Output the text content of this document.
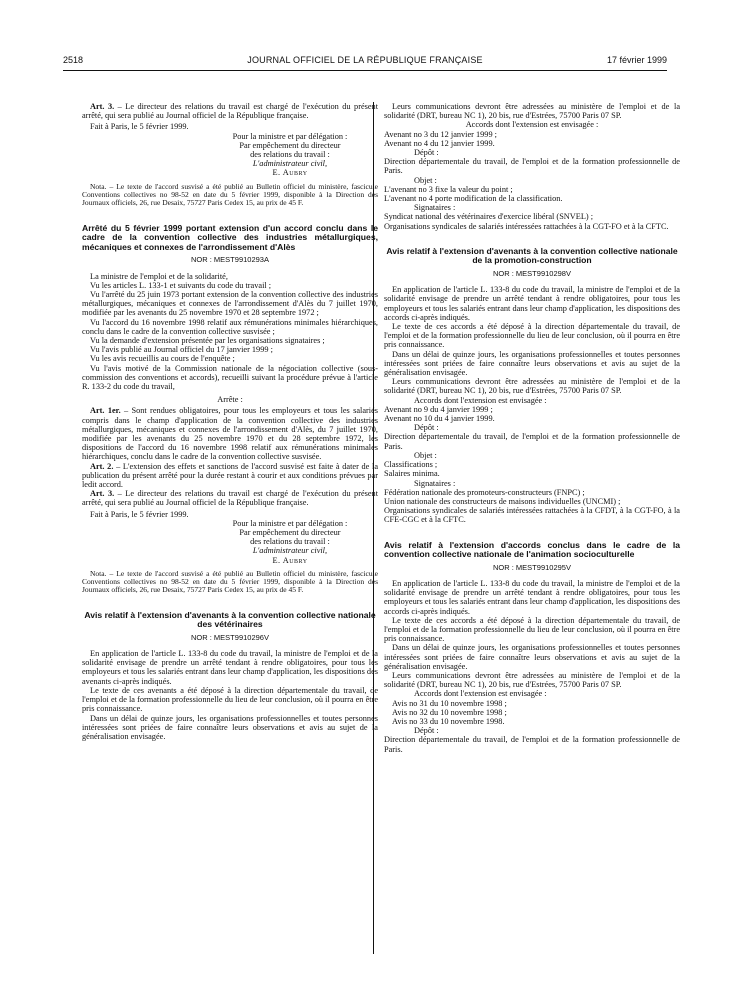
2518	JOURNAL OFFICIEL DE LA RÉPUBLIQUE FRANÇAISE	17 février 1999

Art. 3. – Le directeur des relations du travail est chargé de l'exécution du présent arrêté, qui sera publié au Journal officiel de la République française.

Fait à Paris, le 5 février 1999.

Pour la ministre et par délégation :

Par empêchement du directeur

des relations du travail :

L'administrateur civil,

E. Aubry

Nota. – Le texte de l'accord susvisé a été publié au Bulletin officiel du ministère, fascicule Conventions collectives no 98-52 en date du 5 février 1999, disponible à la Direction des Journaux officiels, 26, rue Desaix, 75727 Paris Cedex 15, au prix de 45 F.

Arrêté du 5 février 1999 portant extension d'un accord conclu dans le cadre de la convention collective des industries métallurgiques, mécaniques et connexes de l'arrondissement d'Alès

NOR : MESТ9910293A

La ministre de l'emploi et de la solidarité,

Vu les articles L. 133-1 et suivants du code du travail ;

Vu l'arrêté du 25 juin 1973 portant extension de la convention collective des industries métallurgiques, mécaniques et connexes de l'arrondissement d'Alès du 7 juillet 1970, modifiée par les avenants du 25 novembre 1970 et 28 septembre 1972 ;

Vu l'accord du 16 novembre 1998 relatif aux rémunérations minimales hiérarchiques, conclu dans le cadre de la convention collective susvisée ;

Vu la demande d'extension présentée par les organisations signataires ;

Vu l'avis publié au Journal officiel du 17 janvier 1999 ;

Vu les avis recueillis au cours de l'enquête ;

Vu l'avis motivé de la Commission nationale de la négociation collective (sous-commission des conventions et accords), recueilli suivant la procédure prévue à l'article R. 133-2 du code du travail,

Arrête :

Art. 1er. – Sont rendues obligatoires, pour tous les employeurs et tous les salariés compris dans le champ d'application de la convention collective des industries métallurgiques, mécaniques et connexes de l'arrondissement d'Alès, du 7 juillet 1970, modifiée par les avenants du 25 novembre 1970 et du 28 septembre 1972, les dispositions de l'accord du 16 novembre 1998 relatif aux rémunérations minimales hiérarchiques, conclu dans le cadre de la convention collective susvisée.

Art. 2. – L'extension des effets et sanctions de l'accord susvisé est faite à dater de la publication du présent arrêté pour la durée restant à courir et aux conditions prévues par ledit accord.

Art. 3. – Le directeur des relations du travail est chargé de l'exécution du présent arrêté, qui sera publié au Journal officiel de la République française.

Fait à Paris, le 5 février 1999.

Pour la ministre et par délégation :

Par empêchement du directeur

des relations du travail :

L'administrateur civil,

E. Aubry

Nota. – Le texte de l'accord susvisé a été publié au Bulletin officiel du ministère, fascicule Conventions collectives no 98-52 en date du 5 février 1999, disponible à la Direction des Journaux officiels, 26, rue Desaix, 75727 Paris Cedex 15, au prix de 45 F.

Avis relatif à l'extension d'avenants à la convention collective nationale des vétérinaires

NOR : MESТ9910296V

En application de l'article L. 133-8 du code du travail, la ministre de l'emploi et de la solidarité envisage de prendre un arrêté tendant à rendre obligatoires, pour tous les employeurs et tous les salariés entrant dans leur champ d'application, les dispositions des avenants ci-après indiqués.

Le texte de ces avenants a été déposé à la direction départementale du travail, de l'emploi et de la formation professionnelle du lieu de leur conclusion, où il pourra en être pris connaissance.

Dans un délai de quinze jours, les organisations professionnelles et toutes personnes intéressées sont priées de faire connaître leurs observations et avis au sujet de la généralisation envisagée.

Leurs communications devront être adressées au ministère de l'emploi et de la solidarité (DRT, bureau NC 1), 20 bis, rue d'Estrées, 75700 Paris 07 SP.

Accords dont l'extension est envisagée :

Avenant no 3 du 12 janvier 1999 ;

Avenant no 4 du 12 janvier 1999.

Dépôt :

Direction départementale du travail, de l'emploi et de la formation professionnelle de Paris.

Objet :

L'avenant no 3 fixe la valeur du point ;

L'avenant no 4 porte modification de la classification.

Signataires :

Syndicat national des vétérinaires d'exercice libéral (SNVEL) ;

Organisations syndicales de salariés intéressées rattachées à la CGT-FO et à la CFTC.

Avis relatif à l'extension d'avenants à la convention collective nationale de la promotion-construction

NOR : MESТ9910298V

En application de l'article L. 133-8 du code du travail, la ministre de l'emploi et de la solidarité envisage de prendre un arrêté tendant à rendre obligatoires, pour tous les employeurs et tous les salariés entrant dans leur champ d'application, les dispositions des accords ci-après indiqués.

Le texte de ces accords a été déposé à la direction départementale du travail, de l'emploi et de la formation professionnelle du lieu de leur conclusion, où il pourra en être pris connaissance.

Dans un délai de quinze jours, les organisations professionnelles et toutes personnes intéressées sont priées de faire connaître leurs observations et avis au sujet de la généralisation envisagée.

Leurs communications devront être adressées au ministère de l'emploi et de la solidarité (DRT, bureau NC 1), 20 bis, rue d'Estrées, 75700 Paris 07 SP.

Accords dont l'extension est envisagée :

Avenant no 9 du 4 janvier 1999 ;

Avenant no 10 du 4 janvier 1999.

Dépôt :

Direction départementale du travail, de l'emploi et de la formation professionnelle de Paris.

Objet :

Classifications ;

Salaires minima.

Signataires :

Fédération nationale des promoteurs-constructeurs (FNPC) ;

Union nationale des constructeurs de maisons individuelles (UNCMI) ;

Organisations syndicales de salariés intéressées rattachées à la CFDT, à la CGT-FO, à la CFE-CGC et à la CFTC.

Avis relatif à l'extension d'accords conclus dans le cadre de la convention collective nationale de l'animation socioculturelle

NOR : MESТ9910295V

En application de l'article L. 133-8 du code du travail, la ministre de l'emploi et de la solidarité envisage de prendre un arrêté tendant à rendre obligatoires, pour tous les employeurs et tous les salariés entrant dans leur champ d'application, les dispositions des accords ci-après indiqués.

Le texte de ces accords a été déposé à la direction départementale du travail, de l'emploi et de la formation professionnelle du lieu de leur conclusion, où il pourra en être pris connaissance.

Dans un délai de quinze jours, les organisations professionnelles et toutes personnes intéressées sont priées de faire connaître leurs observations et avis au sujet de la généralisation envisagée.

Leurs communications devront être adressées au ministère de l'emploi et de la solidarité (DRT, bureau NC 1), 20 bis, rue d'Estrées, 75700 Paris 07 SP.

Accords dont l'extension est envisagée :

Avis no 31 du 10 novembre 1998 ;

Avis no 32 du 10 novembre 1998 ;

Avis no 33 du 10 novembre 1998.

Dépôt :

Direction départementale du travail, de l'emploi et de la formation professionnelle de Paris.
